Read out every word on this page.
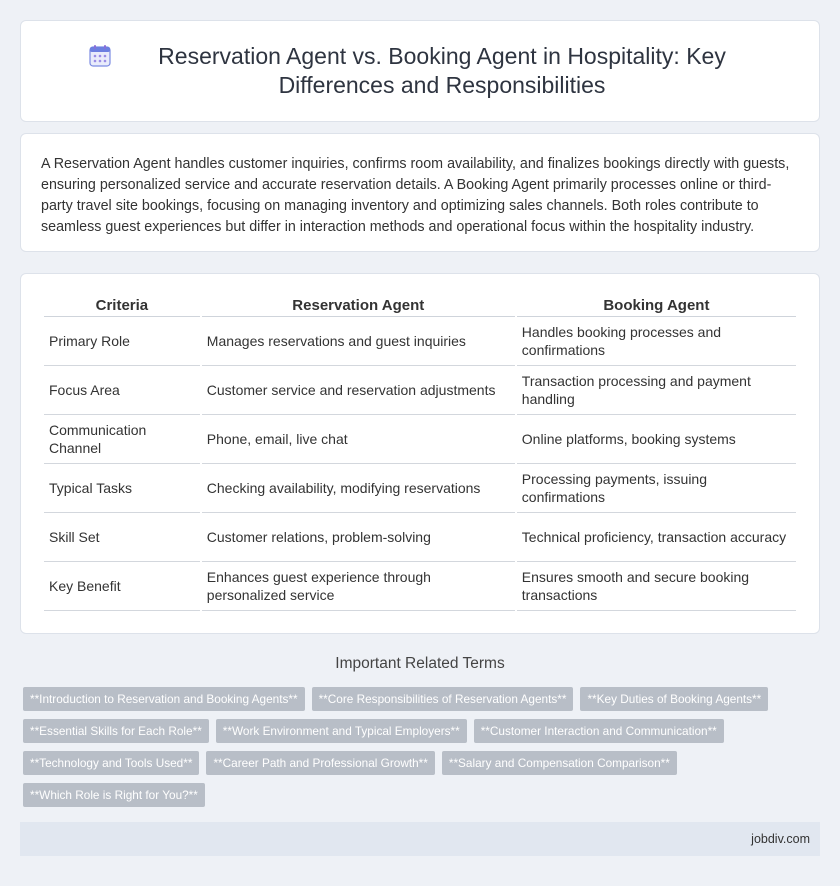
Reservation Agent vs. Booking Agent in Hospitality: Key Differences and Responsibilities

A Reservation Agent handles customer inquiries, confirms room availability, and finalizes bookings directly with guests, ensuring personalized service and accurate reservation details. A Booking Agent primarily processes online or third-party travel site bookings, focusing on managing inventory and optimizing sales channels. Both roles contribute to seamless guest experiences but differ in interaction methods and operational focus within the hospitality industry.

Criteria	Reservation Agent	Booking Agent
Primary Role	Manages reservations and guest inquiries	Handles booking processes and confirmations
Focus Area	Customer service and reservation adjustments	Transaction processing and payment handling
Communication Channel	Phone, email, live chat	Online platforms, booking systems
Typical Tasks	Checking availability, modifying reservations	Processing payments, issuing confirmations
Skill Set	Customer relations, problem-solving	Technical proficiency, transaction accuracy
Key Benefit	Enhances guest experience through personalized service	Ensures smooth and secure booking transactions
Important Related Terms
**Introduction to Reservation and Booking Agents**	**Core Responsibilities of Reservation Agents**	**Key Duties of Booking Agents**
**Essential Skills for Each Role**	**Work Environment and Typical Employers**	**Customer Interaction and Communication**
**Technology and Tools Used**	**Career Path and Professional Growth**	**Salary and Compensation Comparison**
**Which Role is Right for You?**
jobdiv.com
